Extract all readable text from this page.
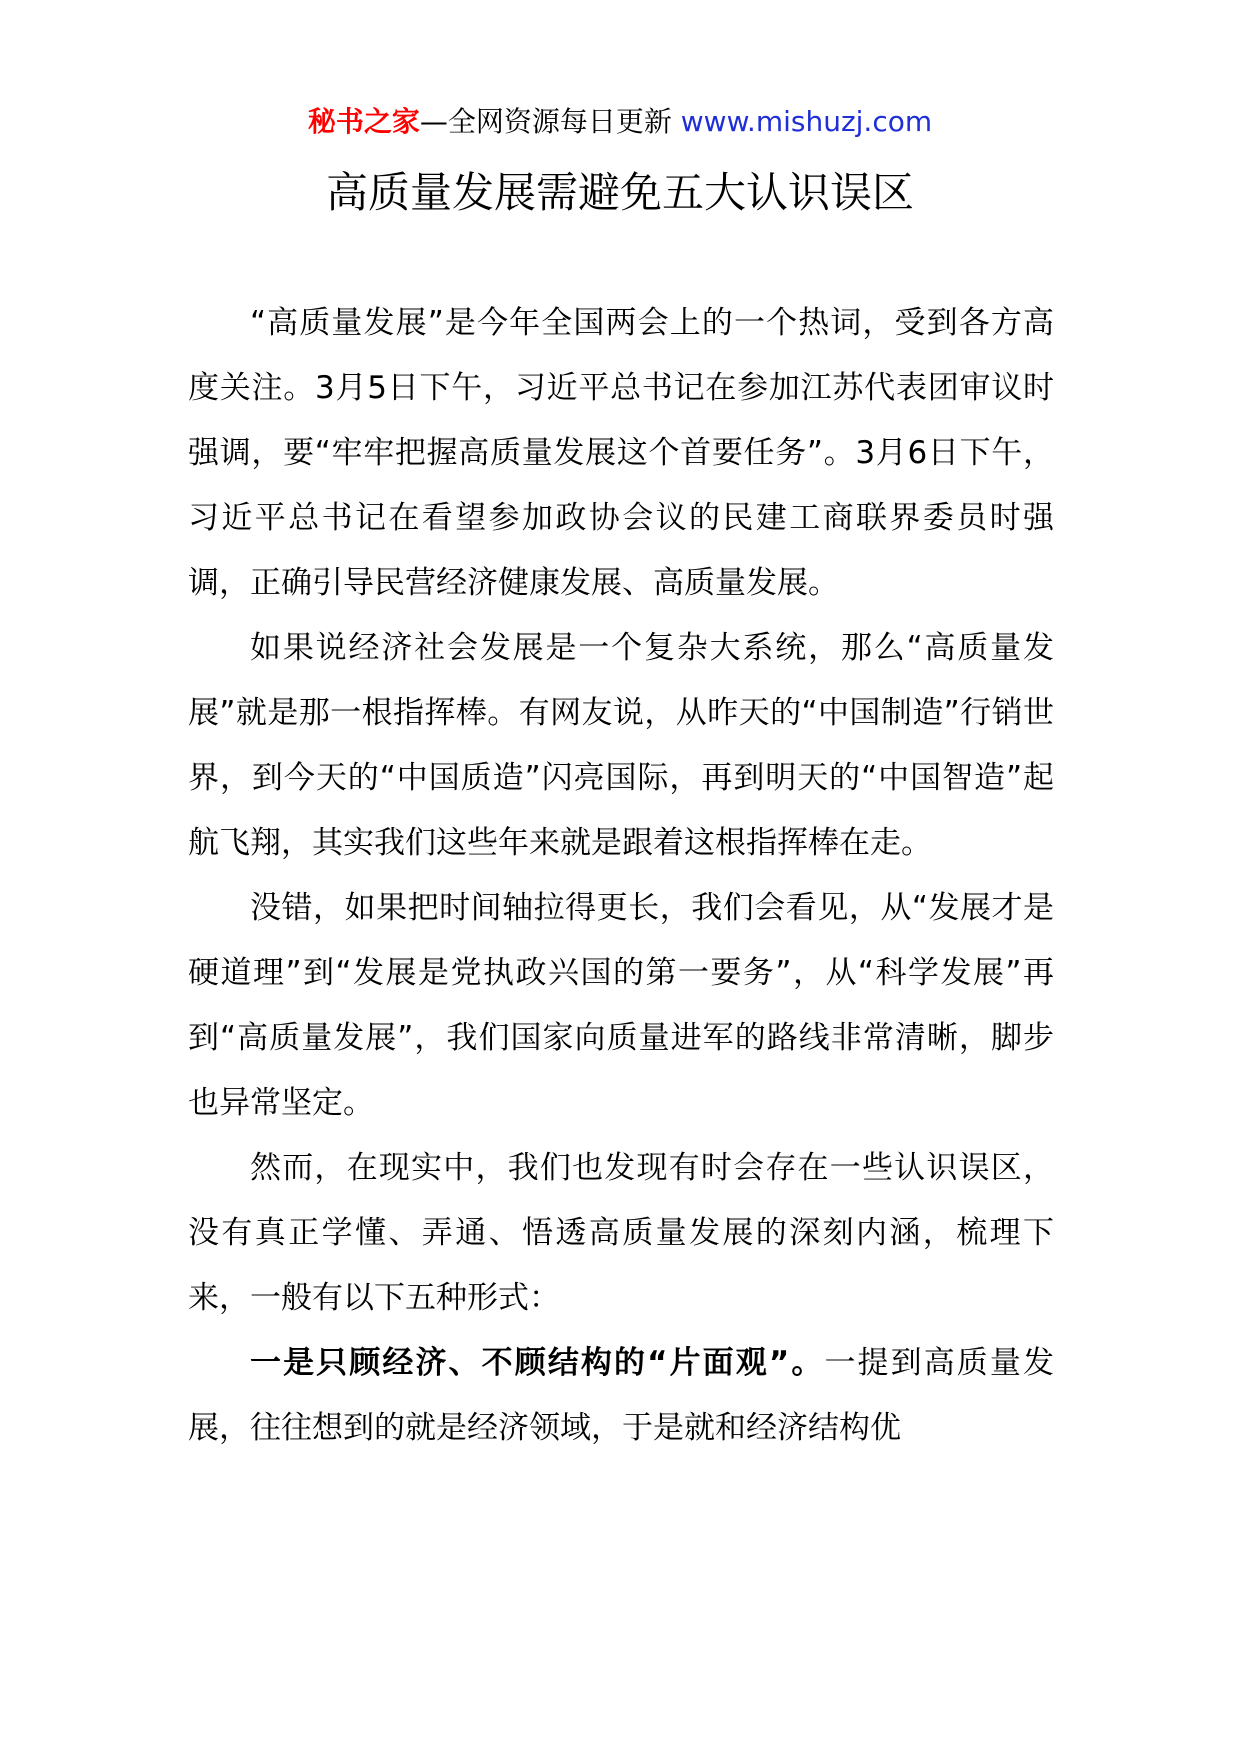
秘书之家—全网资源每日更新 www.mishuzj.com
高质量发展需避免五大认识误区

“高质量发展”是今年全国两会上的一个热词，受到各方高度关注。3月5日下午，习近平总书记在参加江苏代表团审议时强调，要“牢牢把握高质量发展这个首要任务”。3月6日下午，习近平总书记在看望参加政协会议的民建工商联界委员时强调，正确引导民营经济健康发展、高质量发展。

如果说经济社会发展是一个复杂大系统，那么“高质量发展”就是那一根指挥棒。有网友说，从昨天的“中国制造”行销世界，到今天的“中国质造”闪亮国际，再到明天的“中国智造”起航飞翔，其实我们这些年来就是跟着这根指挥棒在走。

没错，如果把时间轴拉得更长，我们会看见，从“发展才是硬道理”到“发展是党执政兴国的第一要务”，从“科学发展”再到“高质量发展”，我们国家向质量进军的路线非常清晰，脚步也异常坚定。

然而，在现实中，我们也发现有时会存在一些认识误区，没有真正学懂、弄通、悟透高质量发展的深刻内涵，梳理下来，一般有以下五种形式：

一是只顾经济、不顾结构的“片面观”。一提到高质量发展，往往想到的就是经济领域，于是就和经济结构优
